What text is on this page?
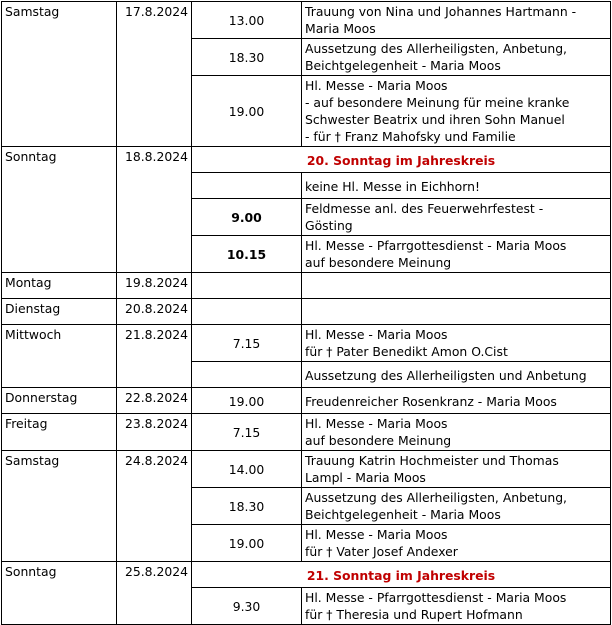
Samstag	17.8.2024	13.00	Trauung von Nina und Johannes Hartmann -
Maria Moos

		18.30	Aussetzung des Allerheiligsten, Anbetung,
Beichtgelegenheit - Maria Moos

		19.00	Hl. Messe - Maria Moos
- auf besondere Meinung für meine kranke
Schwester Beatrix und ihren Sohn Manuel
- für † Franz Mahofsky und Familie

Sonntag	18.8.2024	20. Sonntag im Jahreskreis	

			keine Hl. Messe in Eichhorn!

		9.00	Feldmesse anl. des Feuerwehrfestest -
Gösting

		10.15	Hl. Messe - Pfarrgottesdienst - Maria Moos
auf besondere Meinung

Montag	19.8.2024		

Dienstag	20.8.2024		

Mittwoch	21.8.2024	7.15	Hl. Messe - Maria Moos
für † Pater Benedikt Amon O.Cist

			Aussetzung des Allerheiligsten und Anbetung

Donnerstag	22.8.2024	19.00	Freudenreicher Rosenkranz - Maria Moos

Freitag	23.8.2024	7.15	Hl. Messe - Maria Moos
auf besondere Meinung

Samstag	24.8.2024	14.00	Trauung Katrin Hochmeister und Thomas
Lampl - Maria Moos

		18.30	Aussetzung des Allerheiligsten, Anbetung,
Beichtgelegenheit - Maria Moos

		19.00	Hl. Messe - Maria Moos
für † Vater Josef Andexer

Sonntag	25.8.2024	21. Sonntag im Jahreskreis	
		9.30	Hl. Messe - Pfarrgottesdienst - Maria Moos
für † Theresia und Rupert Hofmann
